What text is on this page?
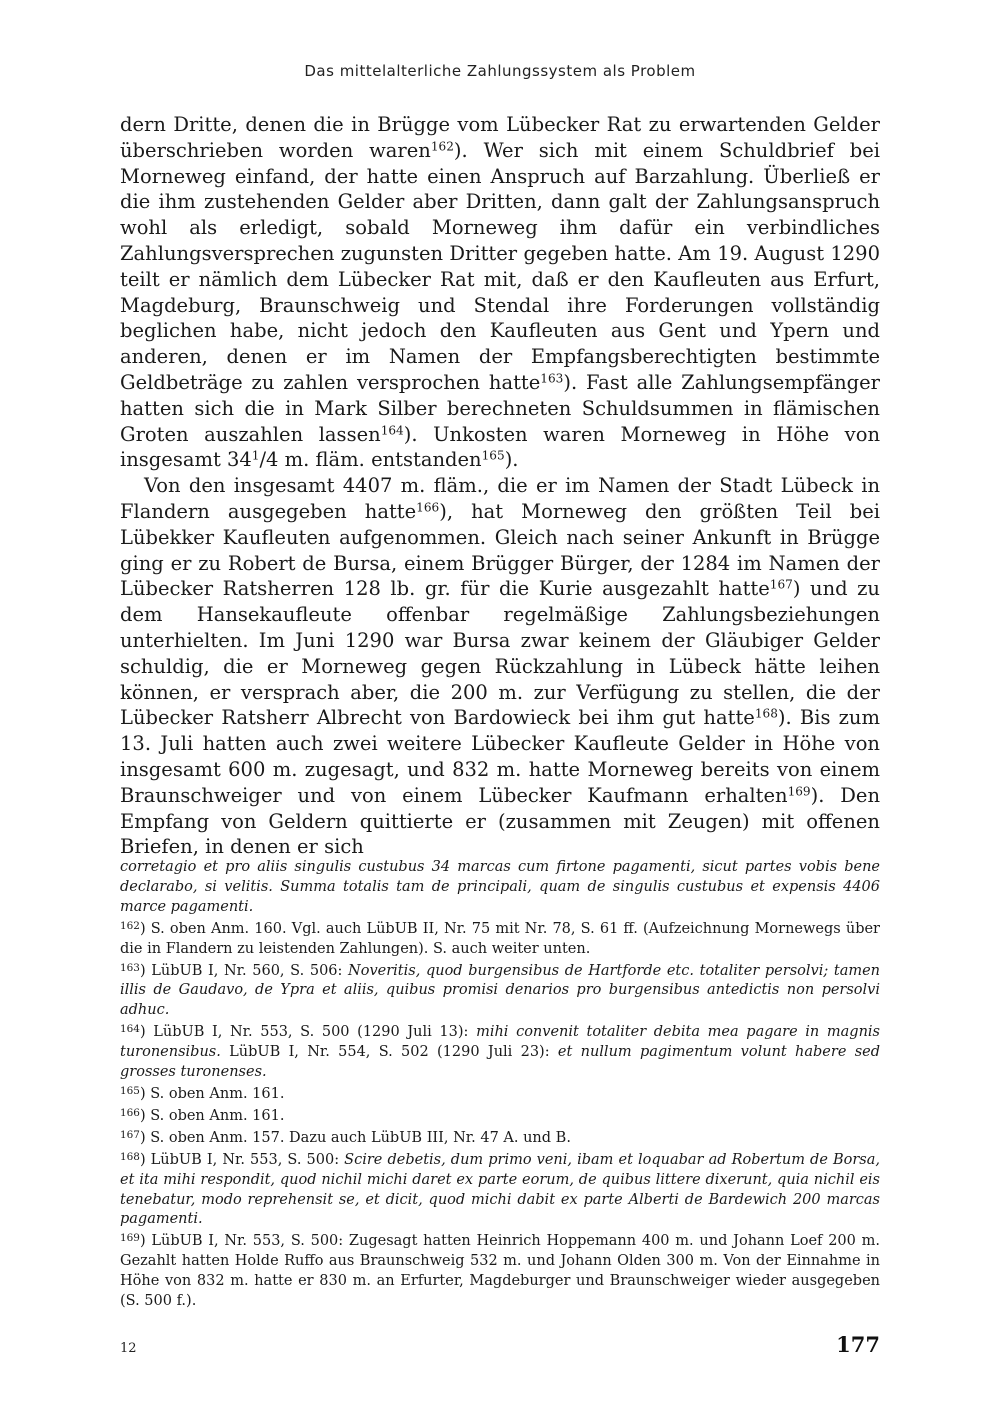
Das mittelalterliche Zahlungssystem als Problem

dern Dritte, denen die in Brügge vom Lübecker Rat zu erwartenden Gelder überschrieben worden waren$^{162}$). Wer sich mit einem Schuldbrief bei Morneweg einfand, der hatte einen Anspruch auf Barzahlung. Überließ er die ihm zustehenden Gelder aber Dritten, dann galt der Zahlungsanspruch wohl als erledigt, sobald Morneweg ihm dafür ein verbindliches Zahlungsversprechen zugunsten Dritter gegeben hatte. Am 19. August 1290 teilt er nämlich dem Lübecker Rat mit, daß er den Kaufleuten aus Erfurt, Magdeburg, Braunschweig und Stendal ihre Forderungen vollständig beglichen habe, nicht jedoch den Kaufleuten aus Gent und Ypern und anderen, denen er im Namen der Empfangsberechtigten bestimmte Geldbeträge zu zahlen versprochen hatte$^{163}$). Fast alle Zahlungsempfänger hatten sich die in Mark Silber berechneten Schuldsummen in flämischen Groten auszahlen lassen$^{164}$). Unkosten waren Morneweg in Höhe von insgesamt $34^1/4$ m. fläm. entstanden$^{165}$).

Von den insgesamt 4407 m. fläm., die er im Namen der Stadt Lübeck in Flandern ausgegeben hatte$^{166}$), hat Morneweg den größten Teil bei Lübekker Kaufleuten aufgenommen. Gleich nach seiner Ankunft in Brügge ging er zu Robert de Bursa, einem Brügger Bürger, der 1284 im Namen der Lübecker Ratsherren 128 lb. gr. für die Kurie ausgezahlt hatte$^{167}$) und zu dem Hansekaufleute offenbar regelmäßige Zahlungsbeziehungen unterhielten. Im Juni 1290 war Bursa zwar keinem der Gläubiger Gelder schuldig, die er Morneweg gegen Rückzahlung in Lübeck hätte leihen können, er versprach aber, die 200 m. zur Verfügung zu stellen, die der Lübecker Ratsherr Albrecht von Bardowieck bei ihm gut hatte$^{168}$). Bis zum 13. Juli hatten auch zwei weitere Lübecker Kaufleute Gelder in Höhe von insgesamt 600 m. zugesagt, und 832 m. hatte Morneweg bereits von einem Braunschweiger und von einem Lübecker Kaufmann erhalten$^{169}$). Den Empfang von Geldern quittierte er (zusammen mit Zeugen) mit offenen Briefen, in denen er sich

corretagio et pro aliis singulis custubus 34 marcas cum firtone pagamenti, sicut partes vobis bene declarabo, si velitis. Summa totalis tam de principali, quam de singulis custubus et expensis 4406 marce pagamenti.

$^{162}$) S. oben Anm. 160. Vgl. auch LübUB II, Nr. 75 mit Nr. 78, S. 61 ff. (Aufzeichnung Mornewegs über die in Flandern zu leistenden Zahlungen). S. auch weiter unten.

$^{163}$) LübUB I, Nr. 560, S. 506: Noveritis, quod burgensibus de Hartforde etc. totaliter persolvi; tamen illis de Gaudavo, de Ypra et aliis, quibus promisi denarios pro burgensibus antedictis non persolvi adhuc.

$^{164}$) LübUB I, Nr. 553, S. 500 (1290 Juli 13): mihi convenit totaliter debita mea pagare in magnis turonensibus. LübUB I, Nr. 554, S. 502 (1290 Juli 23): et nullum pagimentum volunt habere sed grosses turonenses.

$^{165}$) S. oben Anm. 161.

$^{166}$) S. oben Anm. 161.

$^{167}$) S. oben Anm. 157. Dazu auch LübUB III, Nr. 47 A. und B.

$^{168}$) LübUB I, Nr. 553, S. 500: Scire debetis, dum primo veni, ibam et loquabar ad Robertum de Borsa, et ita mihi respondit, quod nichil michi daret ex parte eorum, de quibus littere dixerunt, quia nichil eis tenebatur, modo reprehensit se, et dicit, quod michi dabit ex parte Alberti de Bardewich 200 marcas pagamenti.

$^{169}$) LübUB I, Nr. 553, S. 500: Zugesagt hatten Heinrich Hoppemann 400 m. und Johann Loef 200 m. Gezahlt hatten Holde Ruffo aus Braunschweig 532 m. und Johann Olden 300 m. Von der Einnahme in Höhe von 832 m. hatte er 830 m. an Erfurter, Magdeburger und Braunschweiger wieder ausgegeben (S. 500 f.).

12	177
